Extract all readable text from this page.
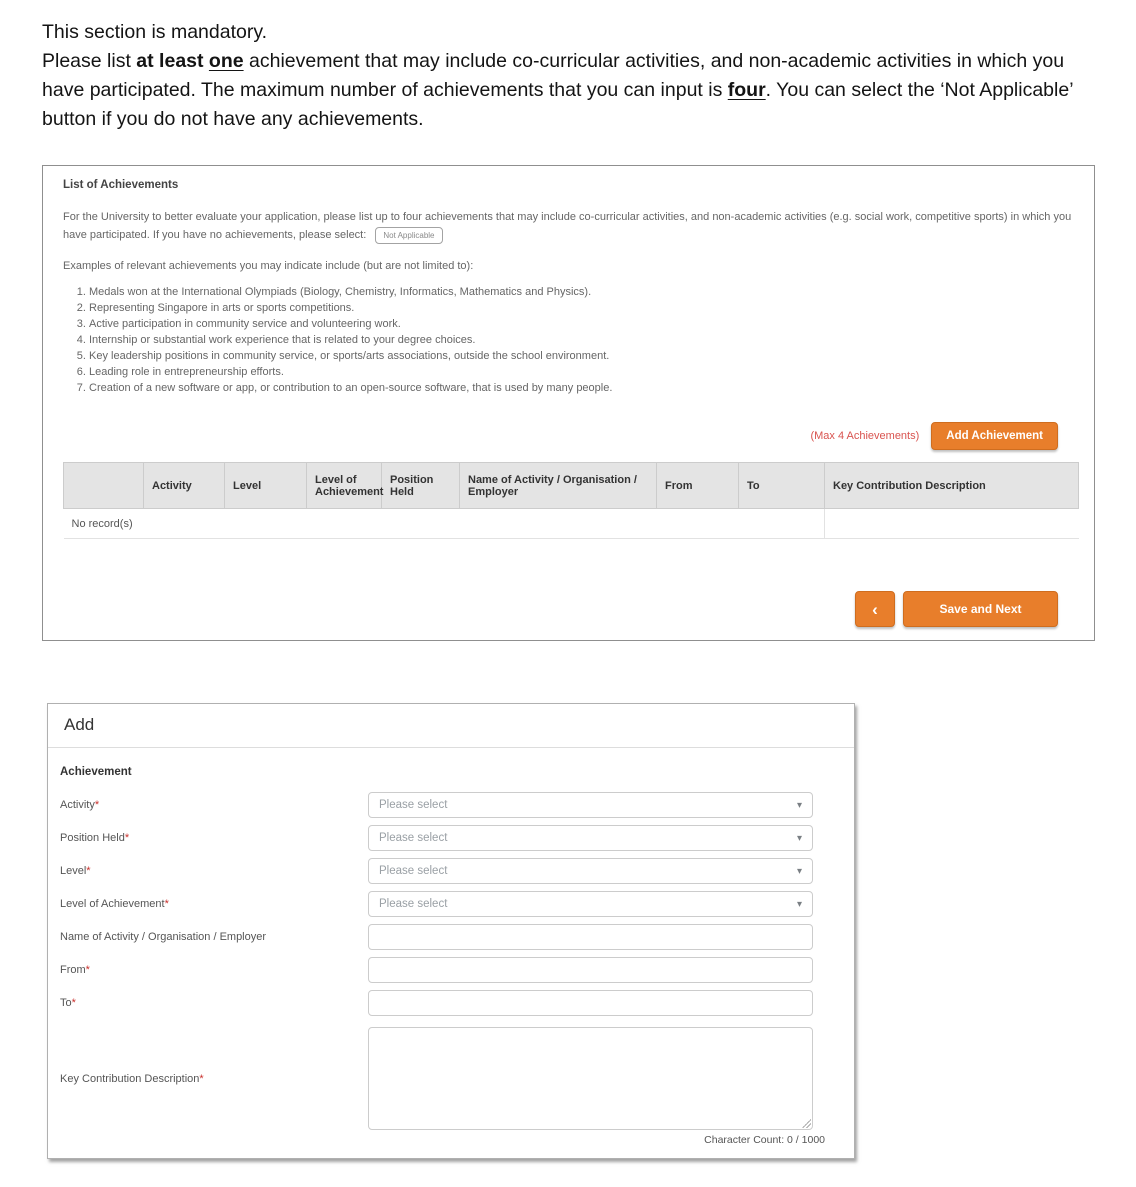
This section is mandatory.

Please list at least one achievement that may include co-curricular activities, and non-academic activities in which you have participated. The maximum number of achievements that you can input is four. You can select the ‘Not Applicable’ button if you do not have any achievements.

List of Achievements

For the University to better evaluate your application, please list up to four achievements that may include co-curricular activities, and non-academic activities (e.g. social work, competitive sports) in which you have participated. If you have no achievements, please select: Not Applicable

Examples of relevant achievements you may indicate include (but are not limited to):

1. Medals won at the International Olympiads (Biology, Chemistry, Informatics, Mathematics and Physics).
2. Representing Singapore in arts or sports competitions.
3. Active participation in community service and volunteering work.
4. Internship or substantial work experience that is related to your degree choices.
5. Key leadership positions in community service, or sports/arts associations, outside the school environment.
6. Leading role in entrepreneurship efforts.
7. Creation of a new software or app, or contribution to an open-source software, that is used by many people.
(Max 4 Achievements)	Add Achievement
	Activity	Level	Level of Achievement	Position Held	Name of Activity / Organisation / Employer	From	To	Key Contribution Description
No record(s)								
‹	Save and Next
Add
Achievement
Activity*	Please select	▾
Position Held*	Please select	▾
Level*	Please select	▾
Level of Achievement*	Please select	▾
Name of Activity / Organisation / Employer
From*
To*
Key Contribution Description*
Character Count: 0 / 1000
